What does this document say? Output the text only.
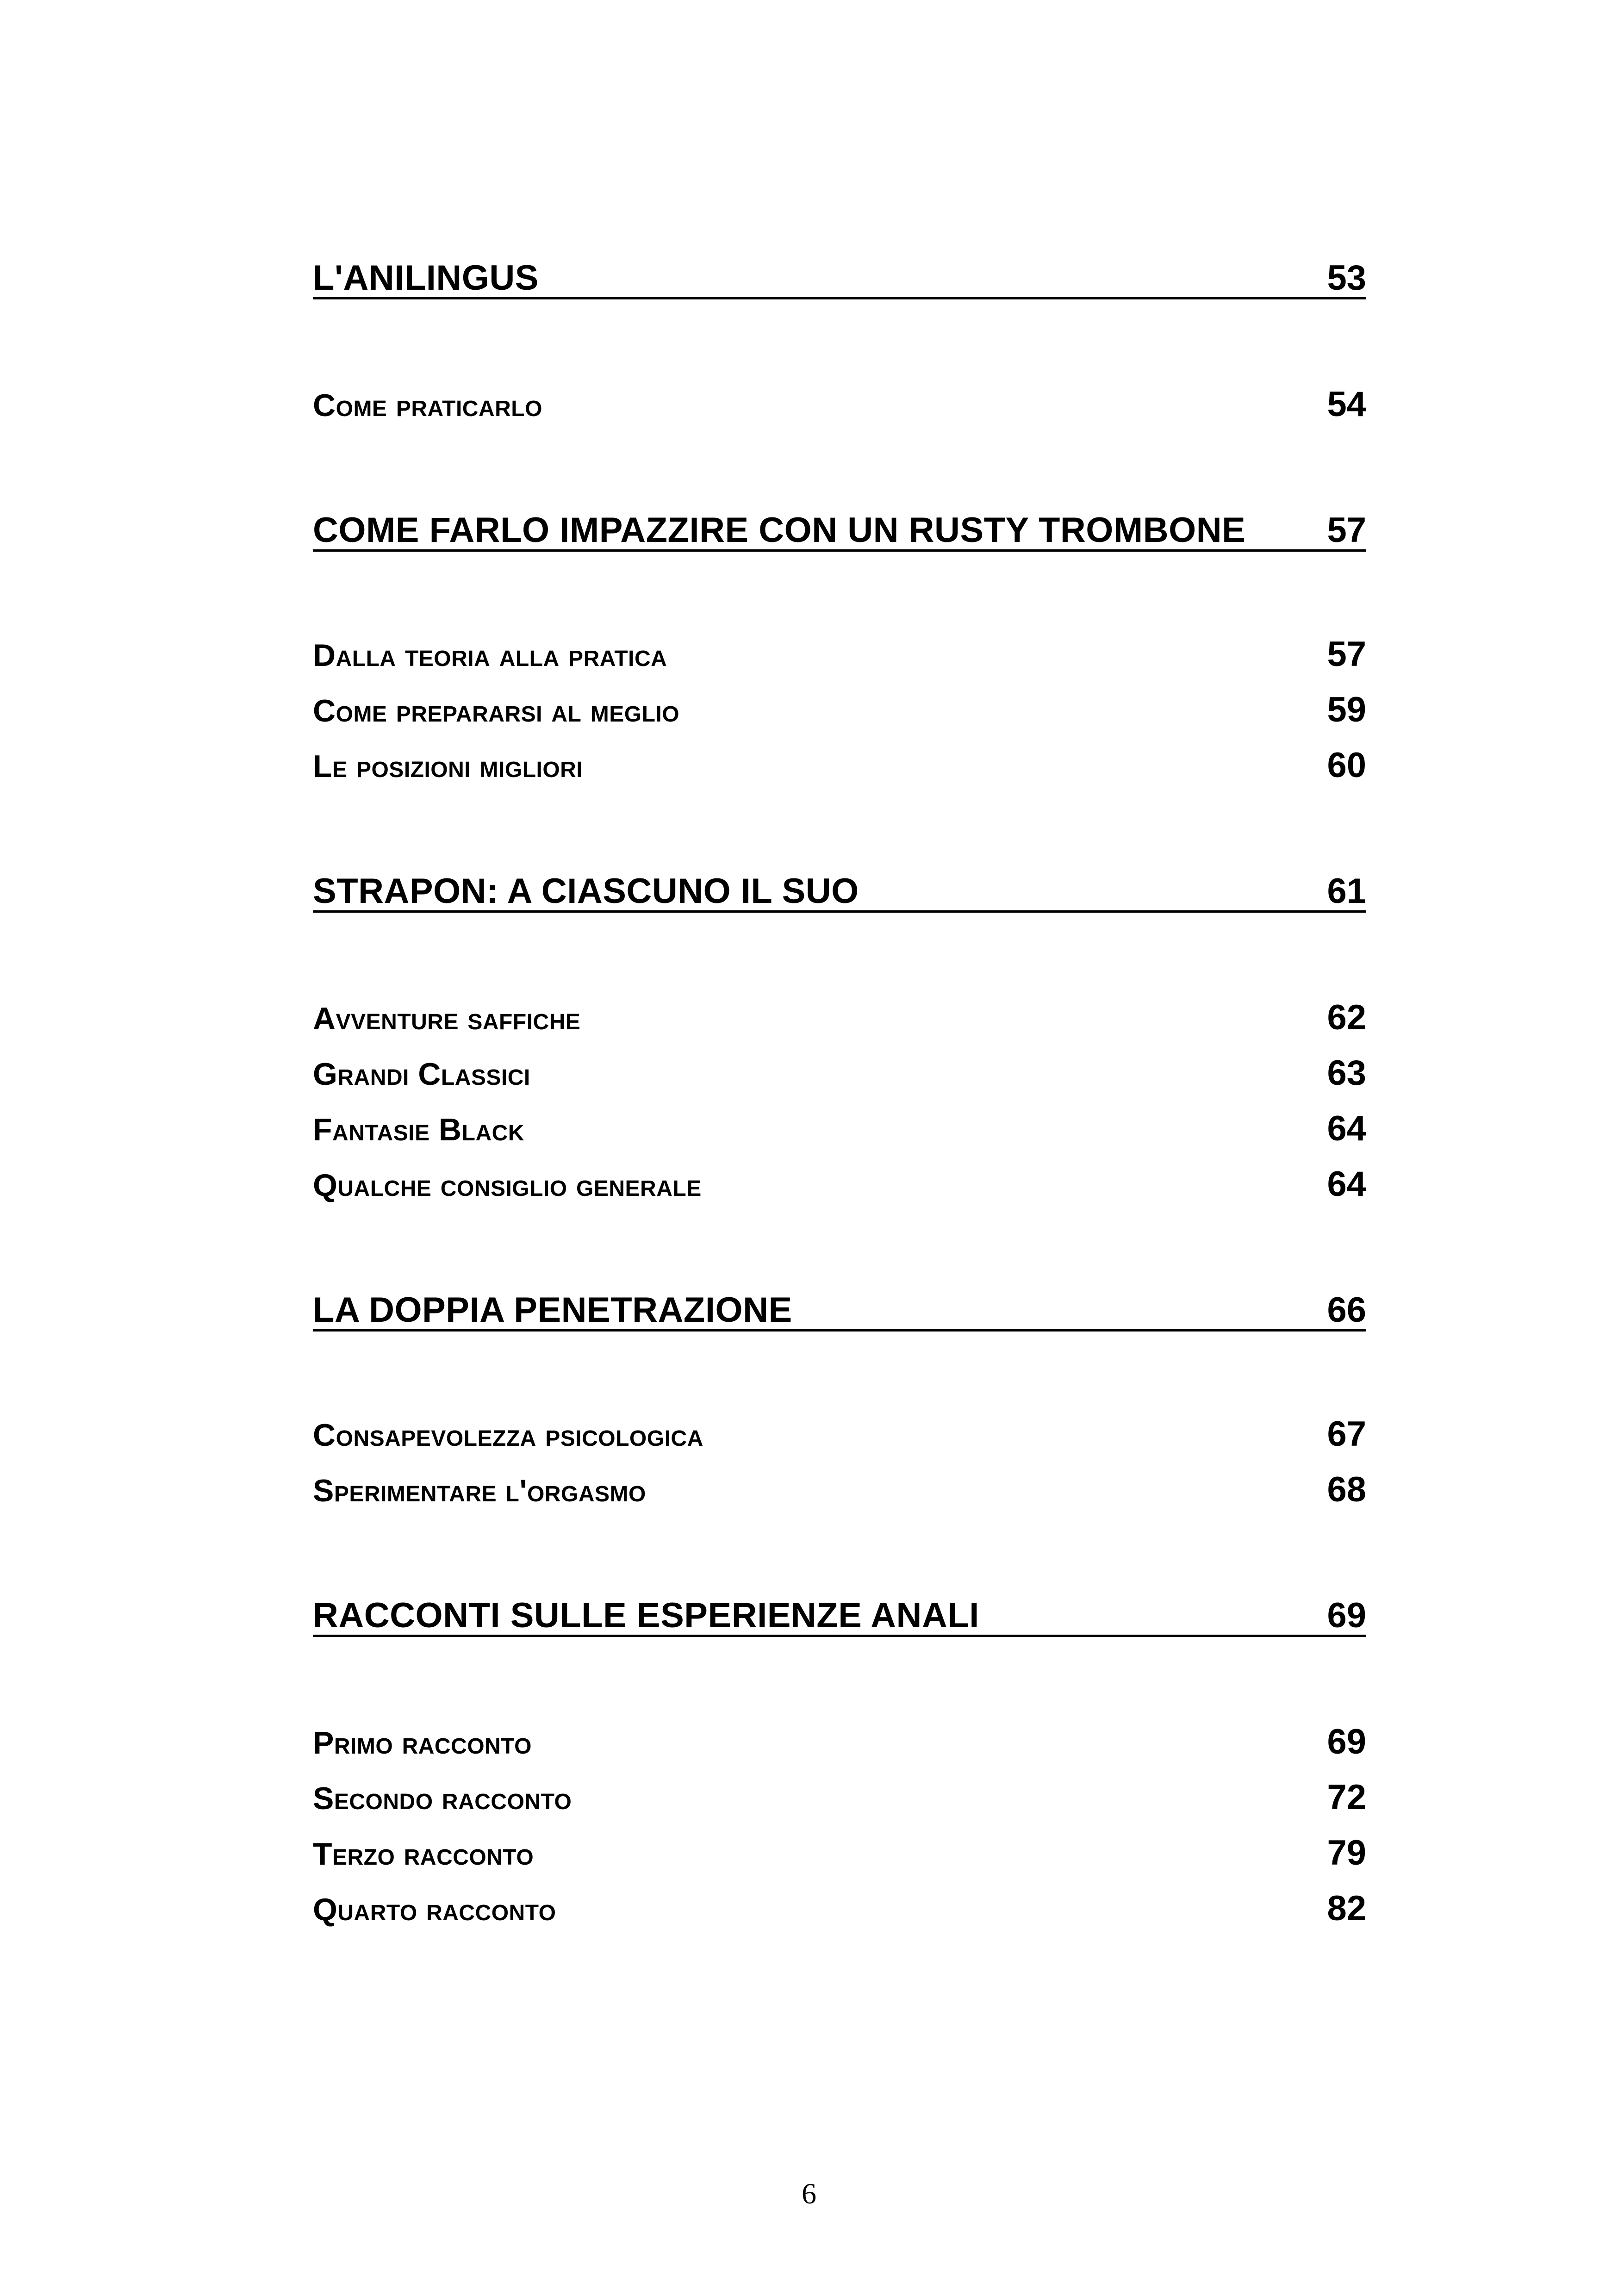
L'ANILINGUS	53
Come praticarlo	54
COME FARLO IMPAZZIRE CON UN RUSTY TROMBONE 57
Dalla teoria alla pratica	57
Come prepararsi al meglio	59
Le posizioni migliori	60
STRAPON: A CIASCUNO IL SUO	61
Avventure saffiche	62
Grandi Classici	63
Fantasie Black	64
Qualche consiglio generale	64
LA DOPPIA PENETRAZIONE	66
Consapevolezza psicologica	67
Sperimentare l'orgasmo	68
RACCONTI SULLE ESPERIENZE ANALI	69
Primo racconto	69
Secondo racconto	72
Terzo racconto	79
Quarto racconto	82
6
